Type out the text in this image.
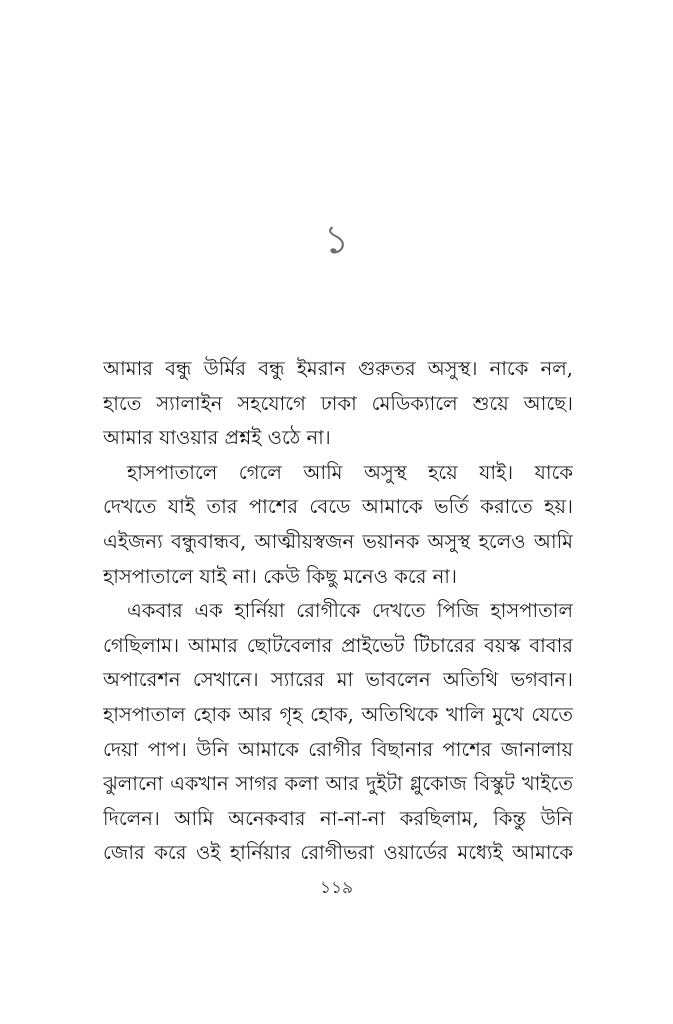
১

আমার বন্ধু উর্মির বন্ধু ইমরান গুরুতর অসুস্থ। নাকে নল,
হাতে স্যালাইন সহযোগে ঢাকা মেডিক্যালে শুয়ে আছে।
আমার যাওয়ার প্রশ্নই ওঠে না।

হাসপাতালে গেলে আমি অসুস্থ হয়ে যাই। যাকে
দেখতে যাই তার পাশের বেডে আমাকে ভর্তি করাতে হয়।
এইজন্য বন্ধুবান্ধব, আত্মীয়স্বজন ভয়ানক অসুস্থ হলেও আমি
হাসপাতালে যাই না। কেউ কিছু মনেও করে না।

একবার এক হার্নিয়া রোগীকে দেখতে পিজি হাসপাতাল
গেছিলাম। আমার ছোটবেলার প্রাইভেট টিচারের বয়স্ক বাবার
অপারেশন সেখানে। স্যারের মা ভাবলেন অতিথি ভগবান।
হাসপাতাল হোক আর গৃহ হোক, অতিথিকে খালি মুখে যেতে
দেয়া পাপ। উনি আমাকে রোগীর বিছানার পাশের জানালায়
ঝুলানো একখান সাগর কলা আর দুইটা গ্লুকোজ বিস্কুট খাইতে
দিলেন। আমি অনেকবার না-না-না করছিলাম, কিন্তু উনি
জোর করে ওই হার্নিয়ার রোগীভরা ওয়ার্ডের মধ্যেই আমাকে

১১৯
